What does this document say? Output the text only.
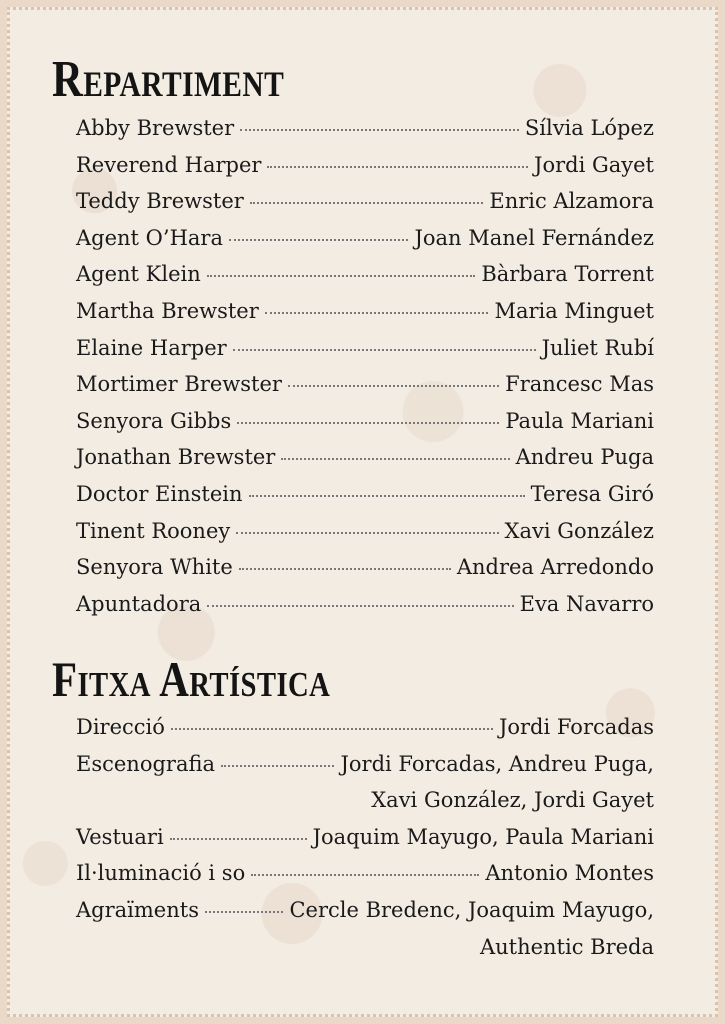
Repartiment
Abby Brewster	Sílvia López
Reverend Harper	Jordi Gayet
Teddy Brewster	Enric Alzamora
Agent O’Hara	Joan Manel Fernández
Agent Klein	Bàrbara Torrent
Martha Brewster	Maria Minguet
Elaine Harper	Juliet Rubí
Mortimer Brewster	Francesc Mas
Senyora Gibbs	Paula Mariani
Jonathan Brewster	Andreu Puga
Doctor Einstein	Teresa Giró
Tinent Rooney	Xavi González
Senyora White	Andrea Arredondo
Apuntadora	Eva Navarro
Fitxa Artística
Direcció	Jordi Forcadas
Escenografia	Jordi Forcadas, Andreu Puga,
Xavi González, Jordi Gayet
Vestuari	Joaquim Mayugo, Paula Mariani
Il·luminació i so	Antonio Montes
Agraïments	Cercle Bredenc, Joaquim Mayugo,
Authentic Breda
